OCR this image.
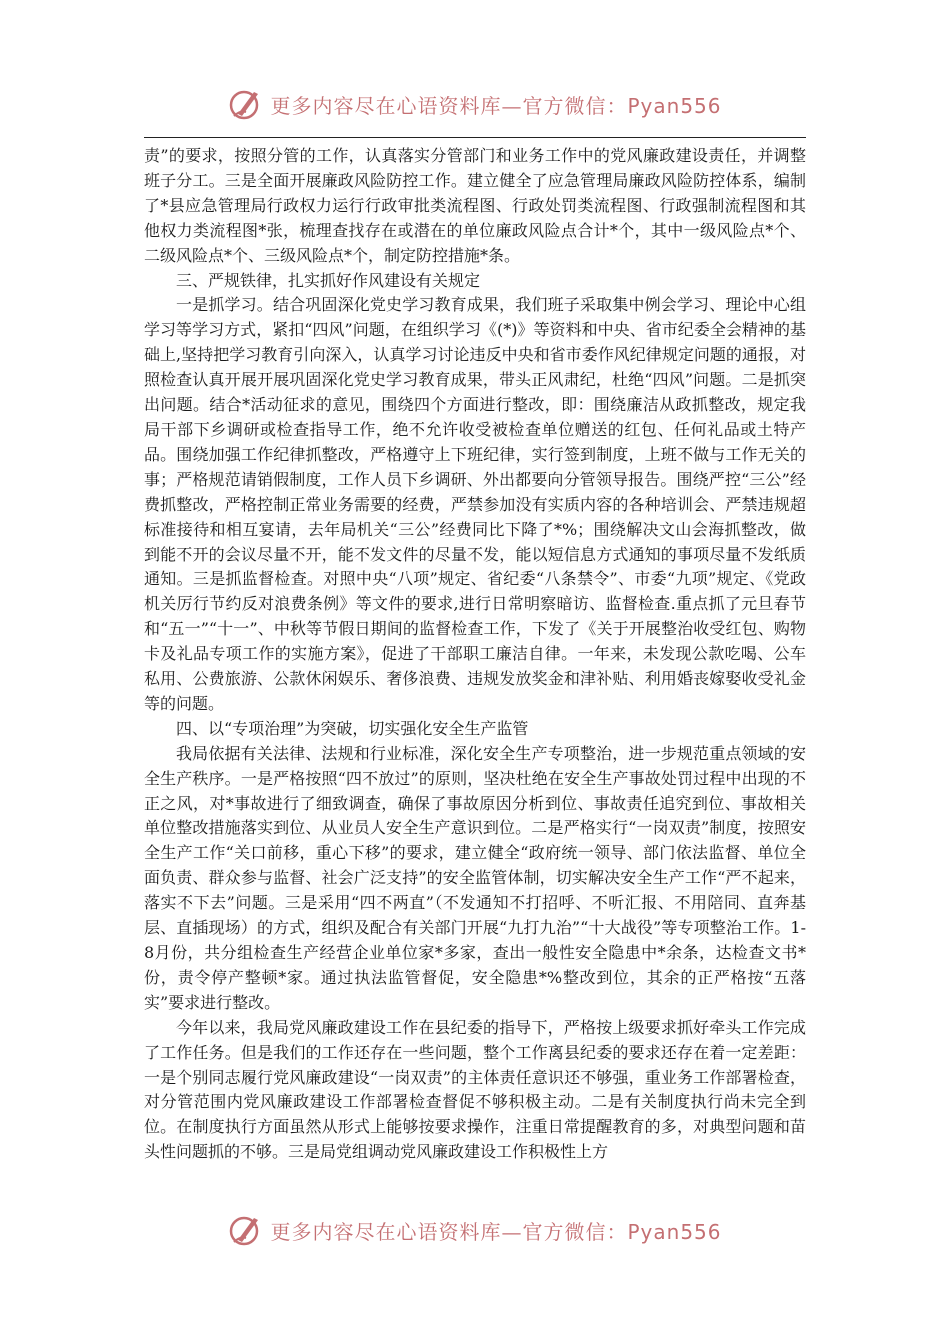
更多内容尽在心语资料库—官方微信：Pyan556

责”的要求，按照分管的工作，认真落实分管部门和业务工作中的党风廉政建设责任，并调整班子分工。三是全面开展廉政风险防控工作。建立健全了应急管理局廉政风险防控体系，编制了*县应急管理局行政权力运行行政审批类流程图、行政处罚类流程图、行政强制流程图和其他权力类流程图*张，梳理查找存在或潜在的单位廉政风险点合计*个，其中一级风险点*个、二级风险点*个、三级风险点*个，制定防控措施*条。

三、严规铁律，扎实抓好作风建设有关规定

一是抓学习。结合巩固深化党史学习教育成果，我们班子采取集中例会学习、理论中心组学习等学习方式，紧扣“四风”问题，在组织学习《(*)》等资料和中央、省市纪委全会精神的基础上,坚持把学习教育引向深入，认真学习讨论违反中央和省市委作风纪律规定问题的通报，对照检查认真开展开展巩固深化党史学习教育成果，带头正风肃纪，杜绝“四风”问题。二是抓突出问题。结合*活动征求的意见，围绕四个方面进行整改，即：围绕廉洁从政抓整改，规定我局干部下乡调研或检查指导工作，绝不允许收受被检查单位赠送的红包、任何礼品或土特产品。围绕加强工作纪律抓整改，严格遵守上下班纪律，实行签到制度，上班不做与工作无关的事；严格规范请销假制度，工作人员下乡调研、外出都要向分管领导报告。围绕严控“三公”经费抓整改，严格控制正常业务需要的经费，严禁参加没有实质内容的各种培训会、严禁违规超标准接待和相互宴请，去年局机关“三公”经费同比下降了*%；围绕解决文山会海抓整改，做到能不开的会议尽量不开，能不发文件的尽量不发，能以短信息方式通知的事项尽量不发纸质通知。三是抓监督检查。对照中央“八项”规定、省纪委“八条禁令”、市委“九项”规定、《党政机关厉行节约反对浪费条例》等文件的要求,进行日常明察暗访、监督检查.重点抓了元旦春节和“五一”“十一”、中秋等节假日期间的监督检查工作，下发了《关于开展整治收受红包、购物卡及礼品专项工作的实施方案》，促进了干部职工廉洁自律。一年来，未发现公款吃喝、公车私用、公费旅游、公款休闲娱乐、奢侈浪费、违规发放奖金和津补贴、利用婚丧嫁娶收受礼金等的问题。

四、以“专项治理”为突破，切实强化安全生产监管

我局依据有关法律、法规和行业标准，深化安全生产专项整治，进一步规范重点领域的安全生产秩序。一是严格按照“四不放过”的原则，坚决杜绝在安全生产事故处罚过程中出现的不正之风，对*事故进行了细致调查，确保了事故原因分析到位、事故责任追究到位、事故相关单位整改措施落实到位、从业员人安全生产意识到位。二是严格实行“一岗双责”制度，按照安全生产工作“关口前移，重心下移”的要求，建立健全“政府统一领导、部门依法监督、单位全面负责、群众参与监督、社会广泛支持”的安全监管体制，切实解决安全生产工作“严不起来，落实不下去”问题。三是采用“四不两直”（不发通知不打招呼、不听汇报、不用陪同、直奔基层、直插现场）的方式，组织及配合有关部门开展“九打九治”“十大战役”等专项整治工作。1-8月份，共分组检查生产经营企业单位家*多家，查出一般性安全隐患中*余条，达检查文书*份，责令停产整顿*家。通过执法监管督促，安全隐患*%整改到位，其余的正严格按“五落实”要求进行整改。

今年以来，我局党风廉政建设工作在县纪委的指导下，严格按上级要求抓好牵头工作完成了工作任务。但是我们的工作还存在一些问题，整个工作离县纪委的要求还存在着一定差距：一是个别同志履行党风廉政建设“一岗双责”的主体责任意识还不够强，重业务工作部署检查，对分管范围内党风廉政建设工作部署检查督促不够积极主动。二是有关制度执行尚未完全到位。在制度执行方面虽然从形式上能够按要求操作，注重日常提醒教育的多，对典型问题和苗头性问题抓的不够。三是局党组调动党风廉政建设工作积极性上方

更多内容尽在心语资料库—官方微信：Pyan556
